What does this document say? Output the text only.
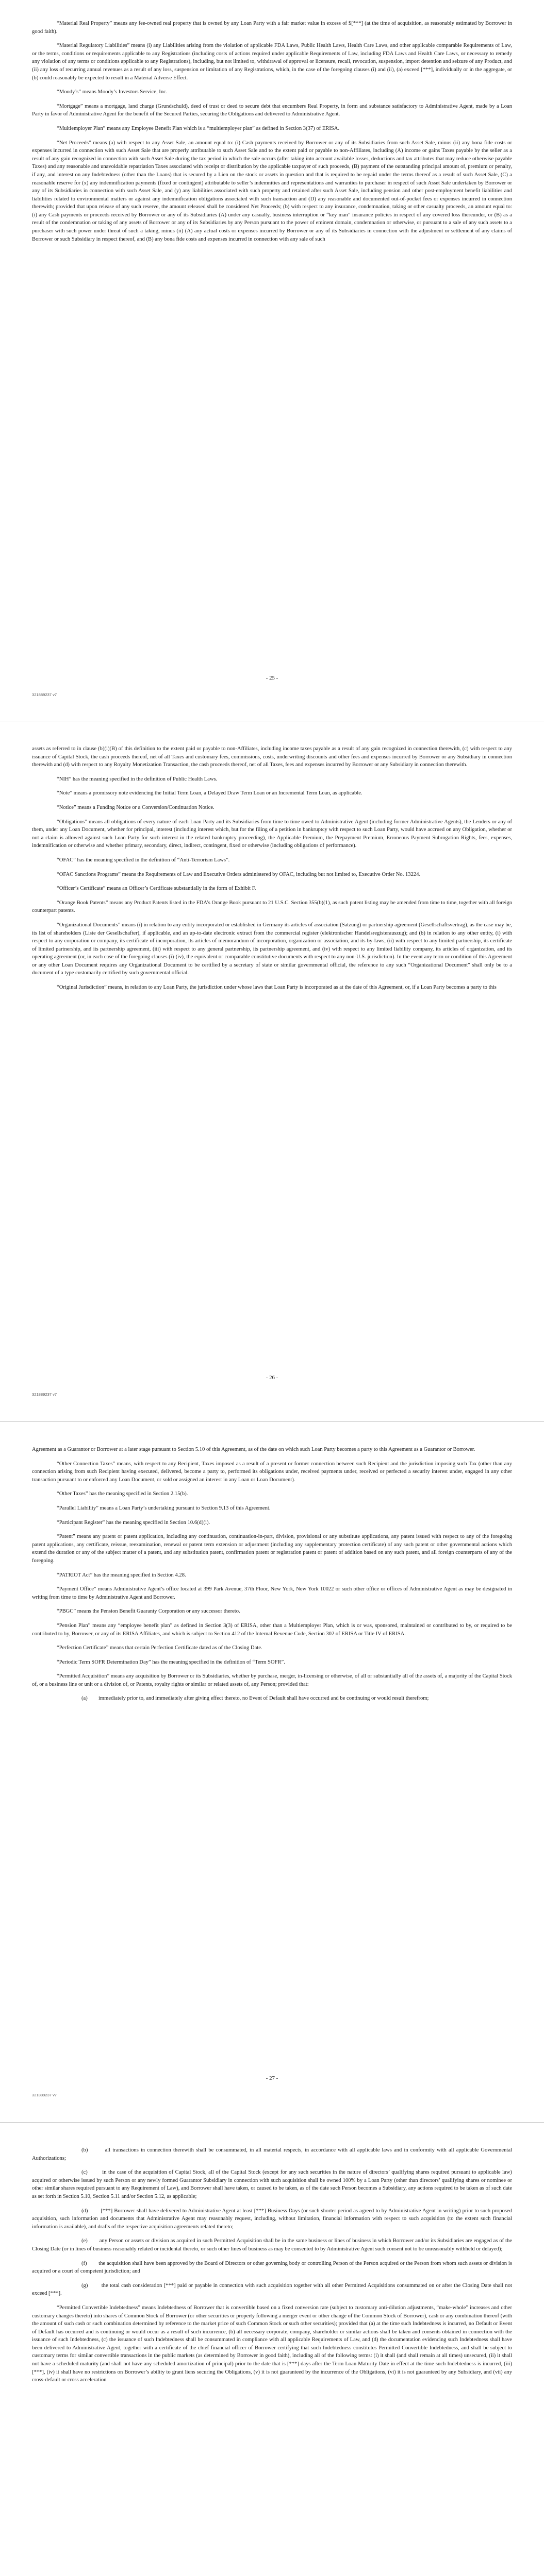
“Material Real Property” means any fee-owned real property that is owned by any Loan Party with a fair market value in excess of $[***] (at the time of acquisition, as reasonably estimated by Borrower in good faith).

“Material Regulatory Liabilities” means (i) any Liabilities arising from the violation of applicable FDA Laws, Public Health Laws, Health Care Laws, and other applicable comparable Requirements of Law, or the terms, conditions or requirements applicable to any Registrations (including costs of actions required under applicable Requirements of Law, including FDA Laws and Health Care Laws, or necessary to remedy any violation of any terms or conditions applicable to any Registrations), including, but not limited to, withdrawal of approval or licensure, recall, revocation, suspension, import detention and seizure of any Product, and (ii) any loss of recurring annual revenues as a result of any loss, suspension or limitation of any Registrations, which, in the case of the foregoing clauses (i) and (ii), (a) exceed [***], individually or in the aggregate, or (b) could reasonably be expected to result in a Material Adverse Effect.

“Moody’s” means Moody’s Investors Service, Inc.

“Mortgage” means a mortgage, land charge (Grundschuld), deed of trust or deed to secure debt that encumbers Real Property, in form and substance satisfactory to Administrative Agent, made by a Loan Party in favor of Administrative Agent for the benefit of the Secured Parties, securing the Obligations and delivered to Administrative Agent.

“Multiemployer Plan” means any Employee Benefit Plan which is a “multiemployer plan” as defined in Section 3(37) of ERISA.

“Net Proceeds” means (a) with respect to any Asset Sale, an amount equal to: (i) Cash payments received by Borrower or any of its Subsidiaries from such Asset Sale, minus (ii) any bona fide costs or expenses incurred in connection with such Asset Sale that are properly attributable to such Asset Sale and to the extent paid or payable to non-Affiliates, including (A) income or gains Taxes payable by the seller as a result of any gain recognized in connection with such Asset Sale during the tax period in which the sale occurs (after taking into account available losses, deductions and tax attributes that may reduce otherwise payable Taxes) and any reasonable and unavoidable repatriation Taxes associated with receipt or distribution by the applicable taxpayer of such proceeds, (B) payment of the outstanding principal amount of, premium or penalty, if any, and interest on any Indebtedness (other than the Loans) that is secured by a Lien on the stock or assets in question and that is required to be repaid under the terms thereof as a result of such Asset Sale, (C) a reasonable reserve for (x) any indemnification payments (fixed or contingent) attributable to seller’s indemnities and representations and warranties to purchaser in respect of such Asset Sale undertaken by Borrower or any of its Subsidiaries in connection with such Asset Sale, and (y) any liabilities associated with such property and retained after such Asset Sale, including pension and other post-employment benefit liabilities and liabilities related to environmental matters or against any indemnification obligations associated with such transaction and (D) any reasonable and documented out-of-pocket fees or expenses incurred in connection therewith; provided that upon release of any such reserve, the amount released shall be considered Net Proceeds; (b) with respect to any insurance, condemnation, taking or other casualty proceeds, an amount equal to: (i) any Cash payments or proceeds received by Borrower or any of its Subsidiaries (A) under any casualty, business interruption or “key man” insurance policies in respect of any covered loss thereunder, or (B) as a result of the condemnation or taking of any assets of Borrower or any of its Subsidiaries by any Person pursuant to the power of eminent domain, condemnation or otherwise, or pursuant to a sale of any such assets to a purchaser with such power under threat of such a taking, minus (ii) (A) any actual costs or expenses incurred by Borrower or any of its Subsidiaries in connection with the adjustment or settlement of any claims of Borrower or such Subsidiary in respect thereof, and (B) any bona fide costs and expenses incurred in connection with any sale of such

- 25 -
321889237 v7

assets as referred to in clause (b)(i)(B) of this definition to the extent paid or payable to non-Affiliates, including income taxes payable as a result of any gain recognized in connection therewith, (c) with respect to any issuance of Capital Stock, the cash proceeds thereof, net of all Taxes and customary fees, commissions, costs, underwriting discounts and other fees and expenses incurred by Borrower or any Subsidiary in connection therewith and (d) with respect to any Royalty Monetization Transaction, the cash proceeds thereof, net of all Taxes, fees and expenses incurred by Borrower or any Subsidiary in connection therewith.

“NIH” has the meaning specified in the definition of Public Health Laws.

“Note” means a promissory note evidencing the Initial Term Loan, a Delayed Draw Term Loan or an Incremental Term Loan, as applicable.

“Notice” means a Funding Notice or a Conversion/Continuation Notice.

“Obligations” means all obligations of every nature of each Loan Party and its Subsidiaries from time to time owed to Administrative Agent (including former Administrative Agents), the Lenders or any of them, under any Loan Document, whether for principal, interest (including interest which, but for the filing of a petition in bankruptcy with respect to such Loan Party, would have accrued on any Obligation, whether or not a claim is allowed against such Loan Party for such interest in the related bankruptcy proceeding), the Applicable Premium, the Prepayment Premium, Erroneous Payment Subrogation Rights, fees, expenses, indemnification or otherwise and whether primary, secondary, direct, indirect, contingent, fixed or otherwise (including obligations of performance).

“OFAC” has the meaning specified in the definition of “Anti-Terrorism Laws”.

“OFAC Sanctions Programs” means the Requirements of Law and Executive Orders administered by OFAC, including but not limited to, Executive Order No. 13224.

“Officer’s Certificate” means an Officer’s Certificate substantially in the form of Exhibit F.

“Orange Book Patents” means any Product Patents listed in the FDA’s Orange Book pursuant to 21 U.S.C. Section 355(b)(1), as such patent listing may be amended from time to time, together with all foreign counterpart patents.

“Organizational Documents” means (i) in relation to any entity incorporated or established in Germany its articles of association (Satzung) or partnership agreement (Gesellschaftsvertrag), as the case may be, its list of shareholders (Liste der Gesellschafter), if applicable, and an up-to-date electronic extract from the commercial register (elektronischer Handelsregisterauszug); and (b) in relation to any other entity, (i) with respect to any corporation or company, its certificate of incorporation, its articles of memorandum of incorporation, organization or association, and its by-laws, (ii) with respect to any limited partnership, its certificate of limited partnership, and its partnership agreement, (iii) with respect to any general partnership, its partnership agreement, and (iv) with respect to any limited liability company, its articles of organization, and its operating agreement (or, in each case of the foregoing clauses (i)-(iv), the equivalent or comparable constitutive documents with respect to any non-U.S. jurisdiction). In the event any term or condition of this Agreement or any other Loan Document requires any Organizational Document to be certified by a secretary of state or similar governmental official, the reference to any such “Organizational Document” shall only be to a document of a type customarily certified by such governmental official.

“Original Jurisdiction” means, in relation to any Loan Party, the jurisdiction under whose laws that Loan Party is incorporated as at the date of this Agreement, or, if a Loan Party becomes a party to this

- 26 -
321889237 v7

Agreement as a Guarantor or Borrower at a later stage pursuant to Section 5.10 of this Agreement, as of the date on which such Loan Party becomes a party to this Agreement as a Guarantor or Borrower.

“Other Connection Taxes” means, with respect to any Recipient, Taxes imposed as a result of a present or former connection between such Recipient and the jurisdiction imposing such Tax (other than any connection arising from such Recipient having executed, delivered, become a party to, performed its obligations under, received payments under, received or perfected a security interest under, engaged in any other transaction pursuant to or enforced any Loan Document, or sold or assigned an interest in any Loan or Loan Document).

“Other Taxes” has the meaning specified in Section 2.15(b).

“Parallel Liability” means a Loan Party’s undertaking pursuant to Section 9.13 of this Agreement.

“Participant Register” has the meaning specified in Section 10.6(d)(i).

“Patent” means any patent or patent application, including any continuation, continuation-in-part, division, provisional or any substitute applications, any patent issued with respect to any of the foregoing patent applications, any certificate, reissue, reexamination, renewal or patent term extension or adjustment (including any supplementary protection certificate) of any such patent or other governmental actions which extend the duration or any of the subject matter of a patent, and any substitution patent, confirmation patent or registration patent or patent of addition based on any such patent, and all foreign counterparts of any of the foregoing.

“PATRIOT Act” has the meaning specified in Section 4.28.

“Payment Office” means Administrative Agent’s office located at 399 Park Avenue, 37th Floor, New York, New York 10022 or such other office or offices of Administrative Agent as may be designated in writing from time to time by Administrative Agent and Borrower.

“PBGC” means the Pension Benefit Guaranty Corporation or any successor thereto.

“Pension Plan” means any “employee benefit plan” as defined in Section 3(3) of ERISA, other than a Multiemployer Plan, which is or was, sponsored, maintained or contributed to by, or required to be contributed to by, Borrower, or any of its ERISA Affiliates, and which is subject to Section 412 of the Internal Revenue Code, Section 302 of ERISA or Title IV of ERISA.

“Perfection Certificate” means that certain Perfection Certificate dated as of the Closing Date.

“Periodic Term SOFR Determination Day” has the meaning specified in the definition of “Term SOFR”.

“Permitted Acquisition” means any acquisition by Borrower or its Subsidiaries, whether by purchase, merger, in-licensing or otherwise, of all or substantially all of the assets of, a majority of the Capital Stock of, or a business line or unit or a division of, or Patents, royalty rights or similar or related assets of, any Person; provided that:

(a)        immediately prior to, and immediately after giving effect thereto, no Event of Default shall have occurred and be continuing or would result therefrom;

- 27 -
321889237 v7

(b)        all transactions in connection therewith shall be consummated, in all material respects, in accordance with all applicable laws and in conformity with all applicable Governmental Authorizations;

(c)        in the case of the acquisition of Capital Stock, all of the Capital Stock (except for any such securities in the nature of directors’ qualifying shares required pursuant to applicable law) acquired or otherwise issued by such Person or any newly formed Guarantor Subsidiary in connection with such acquisition shall be owned 100% by a Loan Party (other than directors’ qualifying shares or nominee or other similar shares required pursuant to any Requirement of Law), and Borrower shall have taken, or caused to be taken, as of the date such Person becomes a Subsidiary, any actions required to be taken as of such date as set forth in Section 5.10, Section 5.11 and/or Section 5.12, as applicable;

(d)        [***] Borrower shall have delivered to Administrative Agent at least [***] Business Days (or such shorter period as agreed to by Administrative Agent in writing) prior to such proposed acquisition, such information and documents that Administrative Agent may reasonably request, including, without limitation, financial information with respect to such acquisition (to the extent such financial information is available), and drafts of the respective acquisition agreements related thereto;

(e)        any Person or assets or division as acquired in such Permitted Acquisition shall be in the same business or lines of business in which Borrower and/or its Subsidiaries are engaged as of the Closing Date (or in lines of business reasonably related or incidental thereto, or such other lines of business as may be consented to by Administrative Agent such consent not to be unreasonably withheld or delayed);

(f)        the acquisition shall have been approved by the Board of Directors or other governing body or controlling Person of the Person acquired or the Person from whom such assets or division is acquired or a court of competent jurisdiction; and

(g)        the total cash consideration [***] paid or payable in connection with such acquisition together with all other Permitted Acquisitions consummated on or after the Closing Date shall not exceed [***].

“Permitted Convertible Indebtedness” means Indebtedness of Borrower that is convertible based on a fixed conversion rate (subject to customary anti-dilution adjustments, “make-whole” increases and other customary changes thereto) into shares of Common Stock of Borrower (or other securities or property following a merger event or other change of the Common Stock of Borrower), cash or any combination thereof (with the amount of such cash or such combination determined by reference to the market price of such Common Stock or such other securities); provided that (a) at the time such Indebtedness is incurred, no Default or Event of Default has occurred and is continuing or would occur as a result of such incurrence, (b) all necessary corporate, company, shareholder or similar actions shall be taken and consents obtained in connection with the issuance of such Indebtedness, (c) the issuance of such Indebtedness shall be consummated in compliance with all applicable Requirements of Law, and (d) the documentation evidencing such Indebtedness shall have been delivered to Administrative Agent, together with a certificate of the chief financial officer of Borrower certifying that such Indebtedness constitutes Permitted Convertible Indebtedness, and shall be subject to customary terms for similar convertible transactions in the public markets (as determined by Borrower in good faith), including all of the following terms: (i) it shall (and shall remain at all times) unsecured, (ii) it shall not have a scheduled maturity (and shall not have any scheduled amortization of principal) prior to the date that is [***] days after the Term Loan Maturity Date in effect at the time such Indebtedness is incurred, (iii) [***], (iv) it shall have no restrictions on Borrower’s ability to grant liens securing the Obligations, (v) it is not guaranteed by the incurrence of the Obligations, (vi) it is not guaranteed by any Subsidiary, and (vii) any cross-default or cross acceleration
